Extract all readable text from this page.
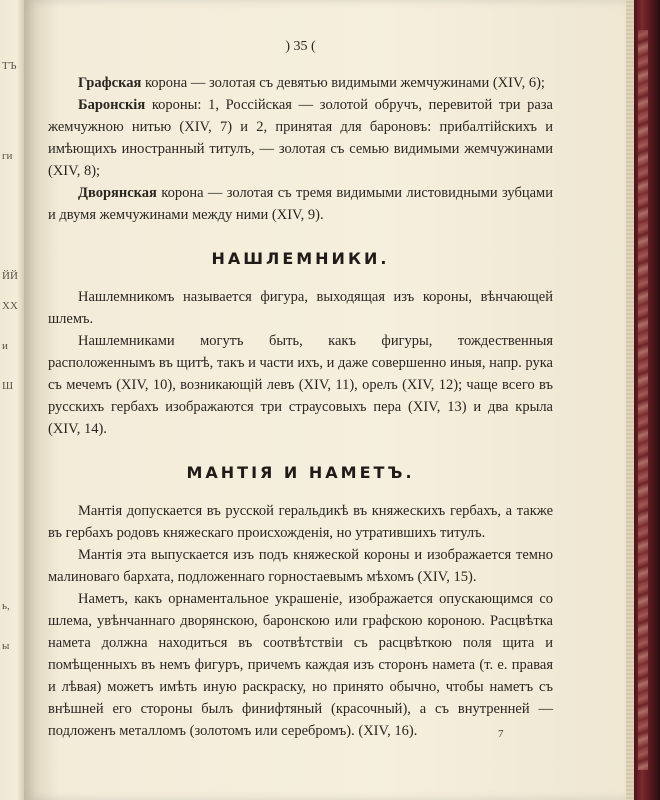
ТЪ
ги
ЙЙ
ХХ
и
Ш
ь,
ы
) 35 (

Графская корона — золотая съ девятью видимыми жемчужинами (XIV, 6);

Баронскія короны: 1, Россійская — золотой обручъ, перевитой три раза жемчужною нитью (XIV, 7) и 2, принятая для бароновъ: прибалтійскихъ и имѣющихъ иностранный титулъ, — золотая съ семью видимыми жемчужинами (XIV, 8);

Дворянская корона — золотая съ тремя видимыми листовидными зубцами и двумя жемчужинами между ними (XIV, 9).

НАШЛЕМНИКИ.

Нашлемникомъ называется фигура, выходящая изъ короны, вѣнчающей шлемъ.

Нашлемниками могутъ быть, какъ фигуры, тождественныя расположеннымъ въ щитѣ, такъ и части ихъ, и даже совершенно иныя, напр. рука съ мечемъ (XIV, 10), возникающій левъ (XIV, 11), орелъ (XIV, 12); чаще всего въ русскихъ гербахъ изображаются три страусовыхъ пера (XIV, 13) и два крыла (XIV, 14).

МАНТІЯ И НАМЕТЪ.

Мантія допускается въ русской геральдикѣ въ княжескихъ гербахъ, а также въ гербахъ родовъ княжескаго происхожденія, но утратившихъ титулъ.

Мантія эта выпускается изъ подъ княжеской короны и изображается темно малиноваго бархата, подложеннаго горностаевымъ мѣхомъ (XIV, 15).

Наметъ, какъ орнаментальное украшеніе, изображается опускающимся со шлема, увѣнчаннаго дворянскою, баронскою или графскою короною. Расцвѣтка намета должна находиться въ соотвѣтствіи съ расцвѣткою поля щита и помѣщенныхъ въ немъ фигуръ, причемъ каждая изъ сторонъ намета (т. е. правая и лѣвая) можетъ имѣть иную раскраску, но принято обычно, чтобы наметъ съ внѣшней его стороны былъ финифтяный (красочный), а съ внутренней — подложенъ металломъ (золотомъ или серебромъ). (XIV, 16).	7
